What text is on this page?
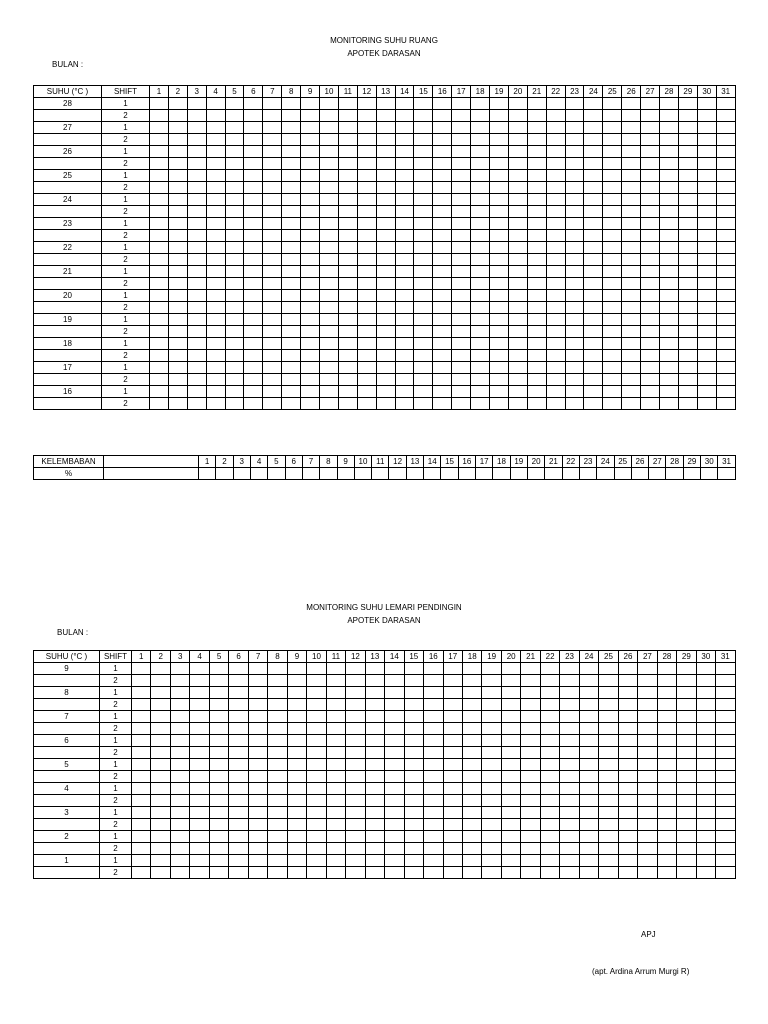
MONITORING SUHU RUANG
APOTEK DARASAN
BULAN :
SUHU (°C )	SHIFT	1	2	3	4	5	6	7	8	9	10	11	12	13	14	15	16	17	18	19	20	21	22	23	24	25	26	27	28	29	30	31
28	1																															
	2																															
27	1																															
	2																															
26	1																															
	2																															
25	1																															
	2																															
24	1																															
	2																															
23	1																															
	2																															
22	1																															
	2																															
21	1																															
	2																															
20	1																															
	2																															
19	1																															
	2																															
18	1																															
	2																															
17	1																															
	2																															
16	1																															
	2																															
KELEMBABAN		1	2	3	4	5	6	7	8	9	10	11	12	13	14	15	16	17	18	19	20	21	22	23	24	25	26	27	28	29	30	31
%																																
MONITORING SUHU LEMARI PENDINGIN
APOTEK DARASAN
BULAN :
SUHU (°C )	SHIFT	1	2	3	4	5	6	7	8	9	10	11	12	13	14	15	16	17	18	19	20	21	22	23	24	25	26	27	28	29	30	31
9	1																															
	2																															
8	1																															
	2																															
7	1																															
	2																															
6	1																															
	2																															
5	1																															
	2																															
4	1																															
	2																															
3	1																															
	2																															
2	1																															
	2																															
1	1																															
	2																															
APJ
(apt. Ardina Arrum Murgi R)
